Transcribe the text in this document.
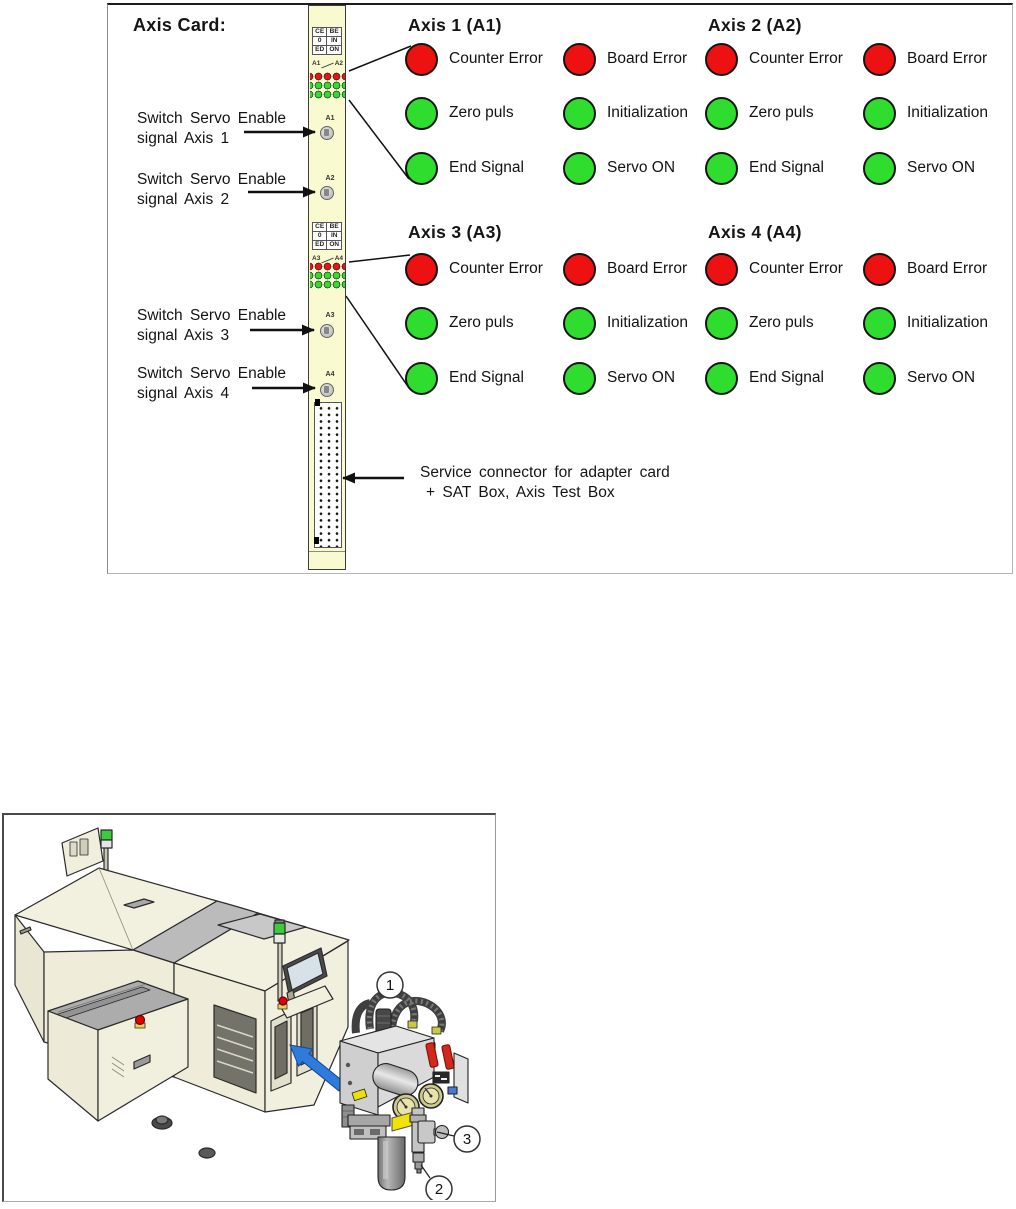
Axis Card:	CE	BE
0	IN
ED	ON
A1 A2
A1
A2
CE	BE
0	IN
ED	ON
A3 A4
A3
A4
Switch Servo Enable
signal Axis 1
Switch Servo Enable
signal Axis 2
Switch Servo Enable
signal Axis 3
Switch Servo Enable
signal Axis 4
Axis 1 (A1)
Counter Error	Board Error
Zero puls	Initialization
End Signal	Servo ON
Axis 2 (A2)
Counter Error	Board Error
Zero puls	Initialization
End Signal	Servo ON
Axis 3 (A3)
Counter Error	Board Error
Zero puls	Initialization
End Signal	Servo ON
Axis 4 (A4)
Counter Error	Board Error
Zero puls	Initialization
End Signal	Servo ON
Service connector for adapter card
+ SAT Box, Axis Test Box
1
3
2
